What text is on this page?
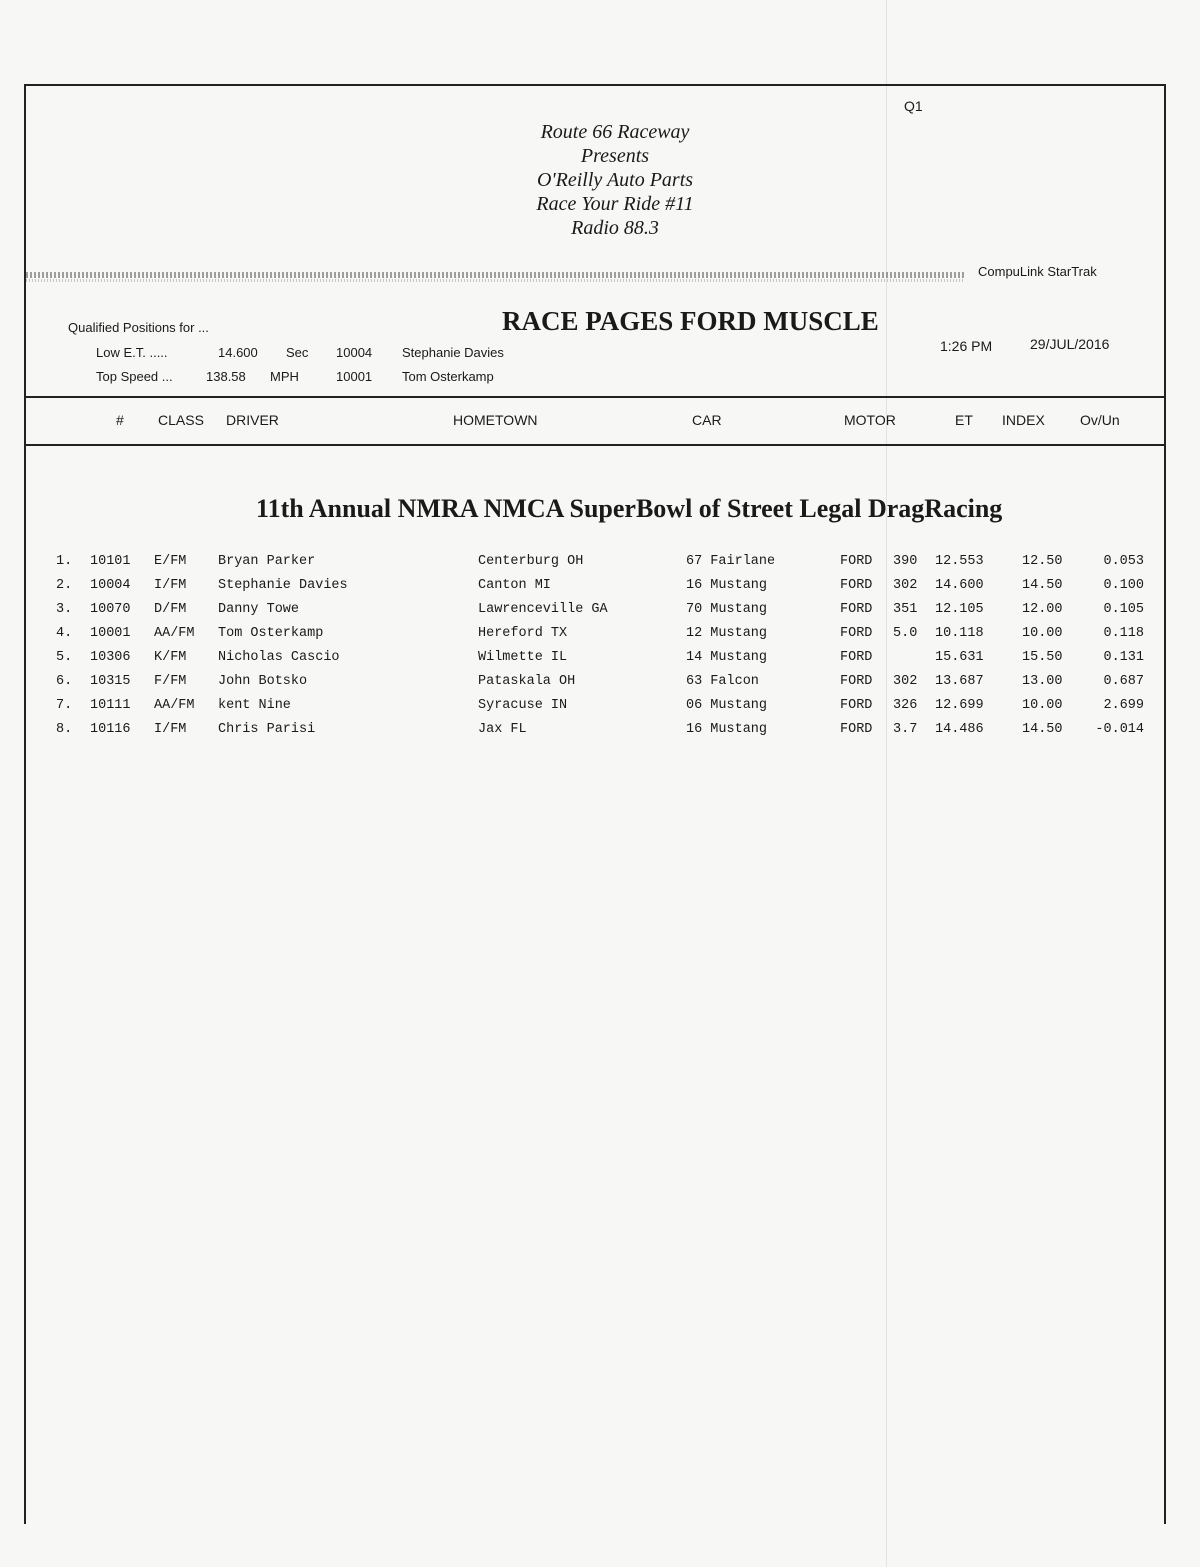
Q1
Route 66 Raceway
Presents
O'Reilly Auto Parts
Race Your Ride #11
Radio 88.3
CompuLink StarTrak
Qualified Positions for ...
Low E.T. .....	14.600 Sec 10004 Stephanie Davies
Top Speed ...	138.58 MPH	10001 Tom Osterkamp
RACE PAGES FORD MUSCLE
1:26 PM	29/JUL/2016
# CLASS DRIVER	HOMETOWN	CAR	MOTOR	ET INDEX	Ov/Un
11th Annual NMRA NMCA SuperBowl of Street Legal DragRacing
1. 10101 E/FM Bryan Parker	Centerburg OH	67 Fairlane	FORD 390 12.553	12.50	0.053
2. 10004 I/FM Stephanie Davies	Canton MI	16 Mustang	FORD 302 14.600	14.50	0.100
3. 10070 D/FM Danny Towe	Lawrenceville GA	70 Mustang	FORD 351 12.105	12.00	0.105
4. 10001 AA/FM Tom Osterkamp	Hereford TX	12 Mustang	FORD 5.0 10.118	10.00	0.118
5. 10306 K/FM Nicholas Cascio	Wilmette IL	14 Mustang	FORD	15.631	15.50	0.131
6. 10315 F/FM John Botsko	Pataskala OH	63 Falcon	FORD 302 13.687	13.00	0.687
7. 10111 AA/FM kent Nine	Syracuse IN	06 Mustang	FORD 326 12.699	10.00	2.699
8. 10116 I/FM Chris Parisi	Jax FL	16 Mustang	FORD 3.7 14.486	14.50	-0.014
